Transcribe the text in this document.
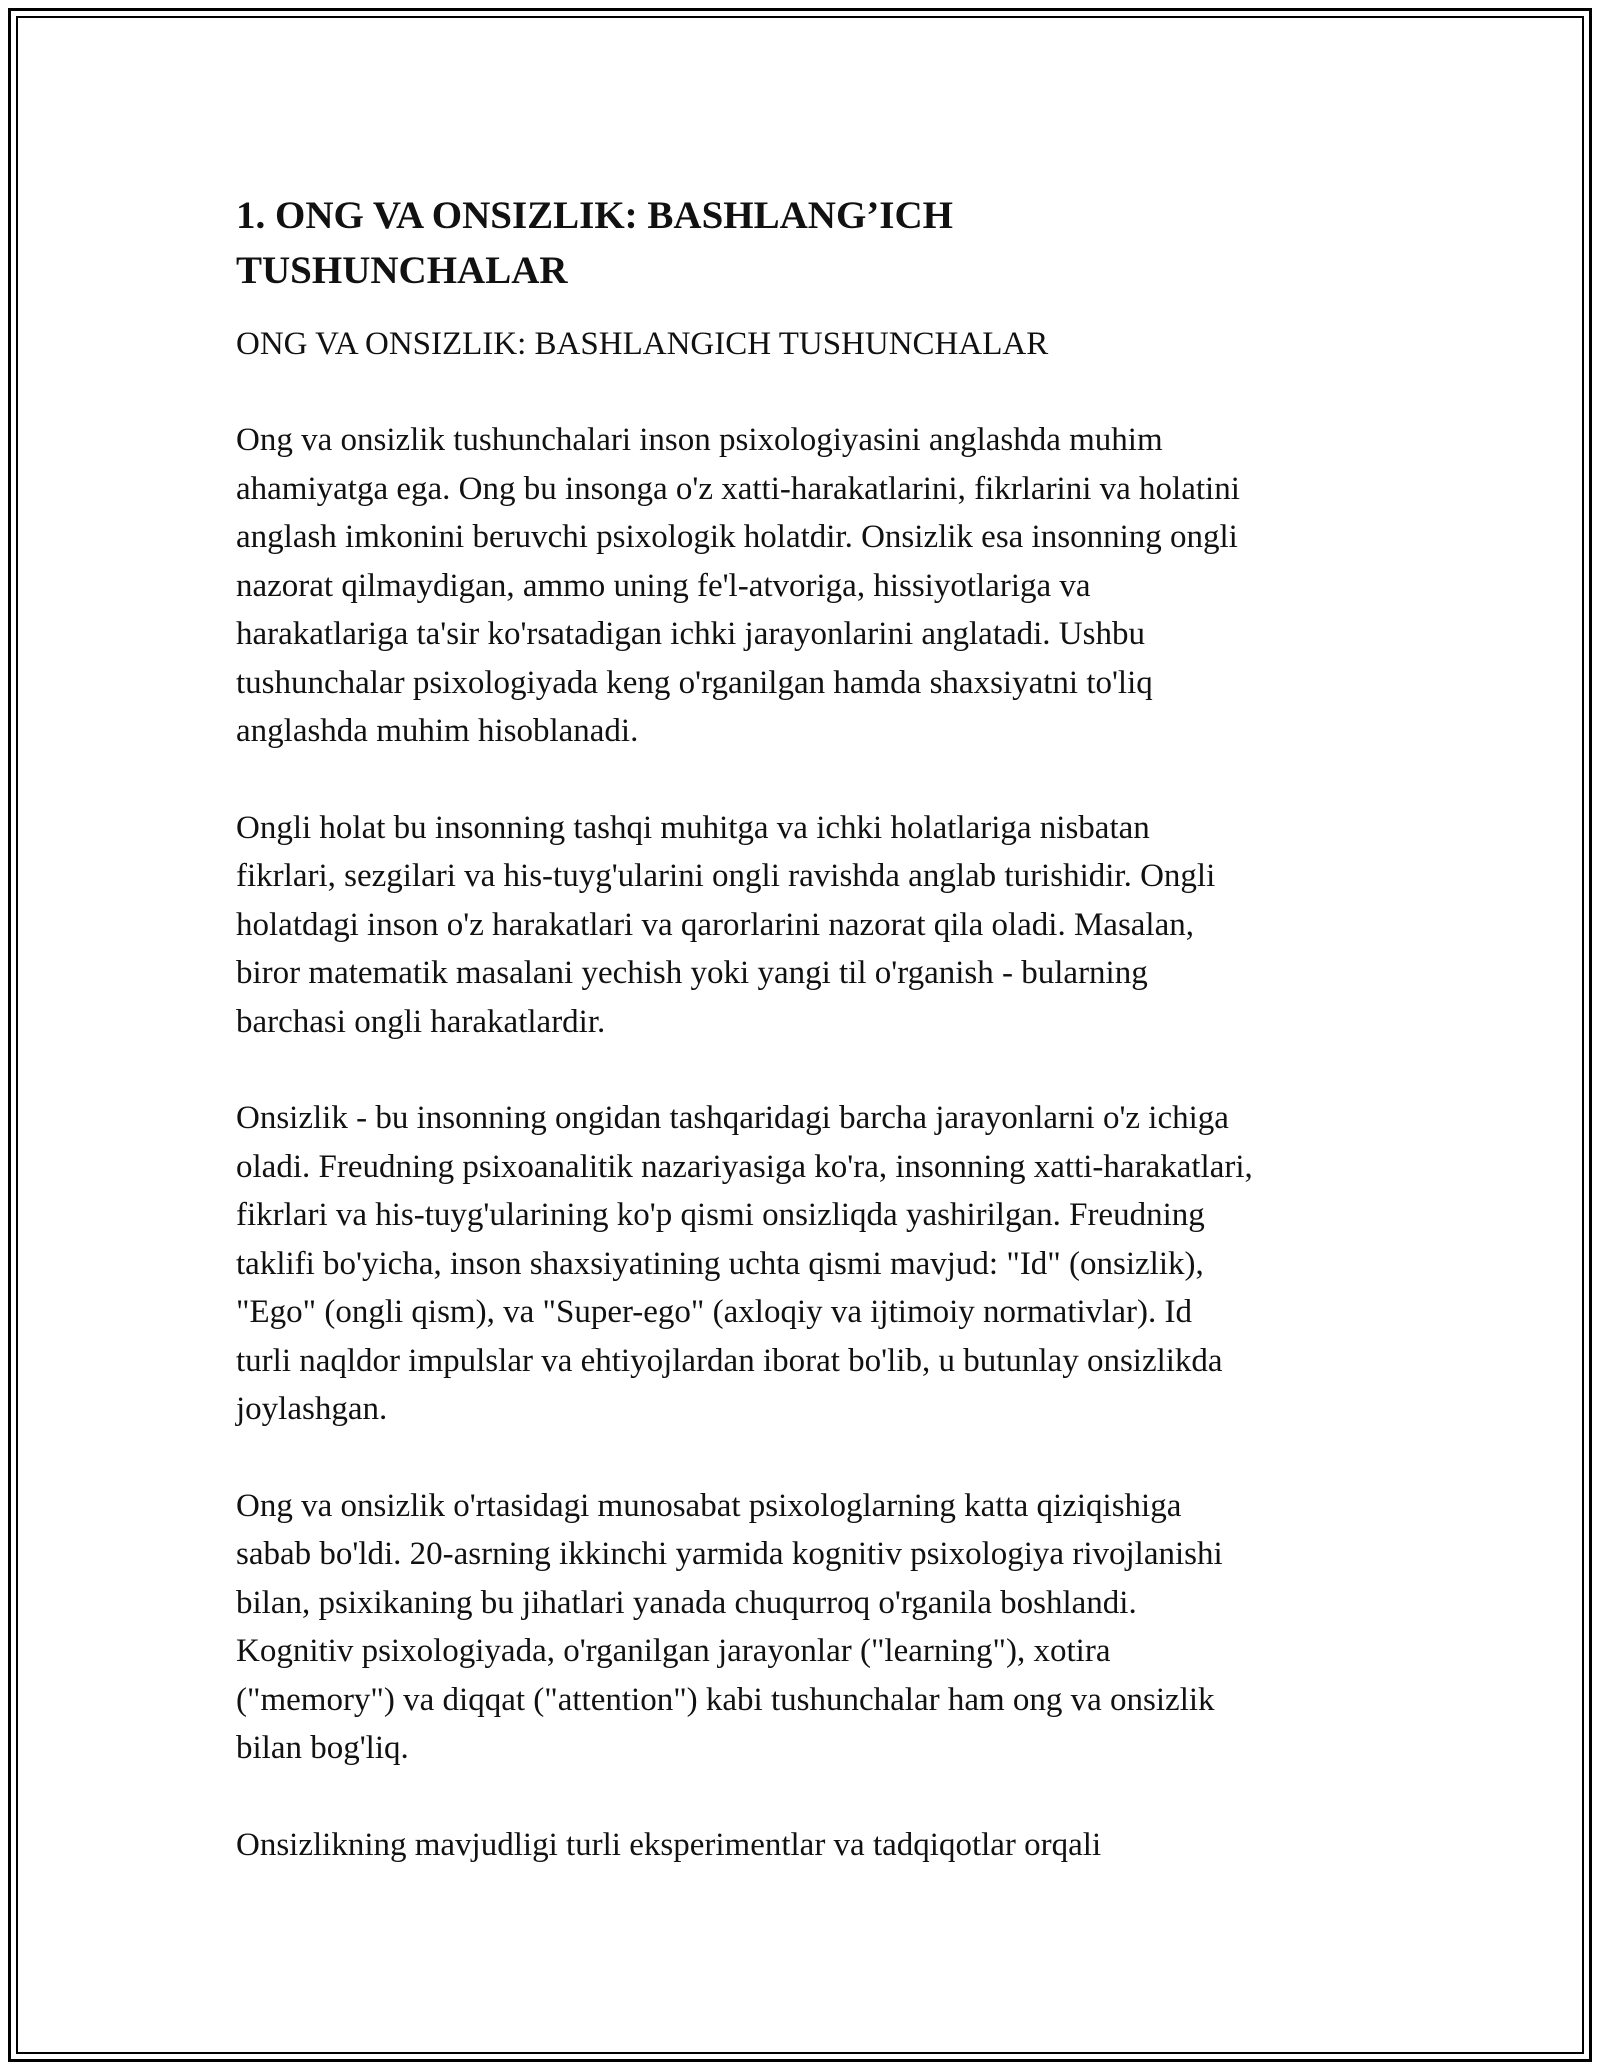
1. ONG VA ONSIZLIK: BASHLANG’ICH
TUSHUNCHALAR

ONG VA ONSIZLIK: BASHLANGICH TUSHUNCHALAR

Ong va onsizlik tushunchalari inson psixologiyasini anglashda muhim
ahamiyatga ega. Ong bu insonga o'z xatti-harakatlarini, fikrlarini va holatini
anglash imkonini beruvchi psixologik holatdir. Onsizlik esa insonning ongli
nazorat qilmaydigan, ammo uning fe'l-atvoriga, hissiyotlariga va
harakatlariga ta'sir ko'rsatadigan ichki jarayonlarini anglatadi. Ushbu
tushunchalar psixologiyada keng o'rganilgan hamda shaxsiyatni to'liq
anglashda muhim hisoblanadi.

Ongli holat bu insonning tashqi muhitga va ichki holatlariga nisbatan
fikrlari, sezgilari va his-tuyg'ularini ongli ravishda anglab turishidir. Ongli
holatdagi inson o'z harakatlari va qarorlarini nazorat qila oladi. Masalan,
biror matematik masalani yechish yoki yangi til o'rganish - bularning
barchasi ongli harakatlardir.

Onsizlik - bu insonning ongidan tashqaridagi barcha jarayonlarni o'z ichiga
oladi. Freudning psixoanalitik nazariyasiga ko'ra, insonning xatti-harakatlari,
fikrlari va his-tuyg'ularining ko'p qismi onsizliqda yashirilgan. Freudning
taklifi bo'yicha, inson shaxsiyatining uchta qismi mavjud: "Id" (onsizlik),
"Ego" (ongli qism), va "Super-ego" (axloqiy va ijtimoiy normativlar). Id
turli naqldor impulslar va ehtiyojlardan iborat bo'lib, u butunlay onsizlikda
joylashgan.

Ong va onsizlik o'rtasidagi munosabat psixologlarning katta qiziqishiga
sabab bo'ldi. 20-asrning ikkinchi yarmida kognitiv psixologiya rivojlanishi
bilan, psixikaning bu jihatlari yanada chuqurroq o'rganila boshlandi.
Kognitiv psixologiyada, o'rganilgan jarayonlar ("learning"), xotira
("memory") va diqqat ("attention") kabi tushunchalar ham ong va onsizlik
bilan bog'liq.

Onsizlikning mavjudligi turli eksperimentlar va tadqiqotlar orqali
